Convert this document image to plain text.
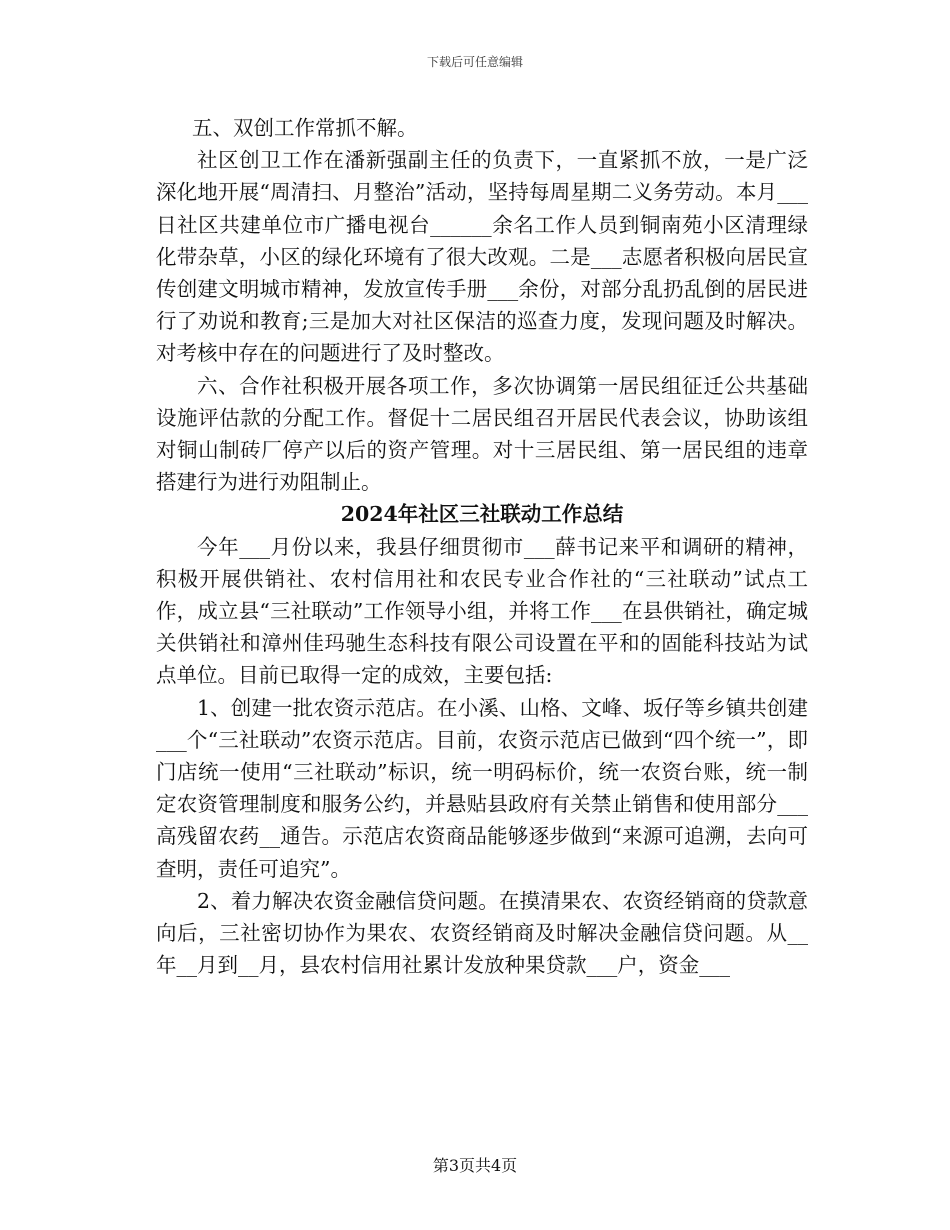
下载后可任意编辑

五、双创工作常抓不解。

社区创卫工作在潘新强副主任的负责下，一直紧抓不放，一是广泛深化地开展“周清扫、月整治”活动，坚持每周星期二义务劳动。本月___日社区共建单位市广播电视台______余名工作人员到铜南苑小区清理绿化带杂草，小区的绿化环境有了很大改观。二是___志愿者积极向居民宣传创建文明城市精神，发放宣传手册___余份，对部分乱扔乱倒的居民进行了劝说和教育;三是加大对社区保洁的巡查力度，发现问题及时解决。对考核中存在的问题进行了及时整改。

六、合作社积极开展各项工作，多次协调第一居民组征迁公共基础设施评估款的分配工作。督促十二居民组召开居民代表会议，协助该组对铜山制砖厂停产以后的资产管理。对十三居民组、第一居民组的违章搭建行为进行劝阻制止。

2024年社区三社联动工作总结

今年___月份以来，我县仔细贯彻市___薛书记来平和调研的精神，积极开展供销社、农村信用社和农民专业合作社的“三社联动”试点工作，成立县“三社联动”工作领导小组，并将工作___在县供销社，确定城关供销社和漳州佳玛驰生态科技有限公司设置在平和的固能科技站为试点单位。目前已取得一定的成效，主要包括:

1、创建一批农资示范店。在小溪、山格、文峰、坂仔等乡镇共创建___个“三社联动”农资示范店。目前，农资示范店已做到“四个统一”，即门店统一使用“三社联动”标识，统一明码标价，统一农资台账，统一制定农资管理制度和服务公约，并悬贴县政府有关禁止销售和使用部分___高残留农药__通告。示范店农资商品能够逐步做到“来源可追溯，去向可查明，责任可追究”。

2、着力解决农资金融信贷问题。在摸清果农、农资经销商的贷款意向后，三社密切协作为果农、农资经销商及时解决金融信贷问题。从__年__月到__月，县农村信用社累计发放种果贷款___户，资金___

第3页共4页
